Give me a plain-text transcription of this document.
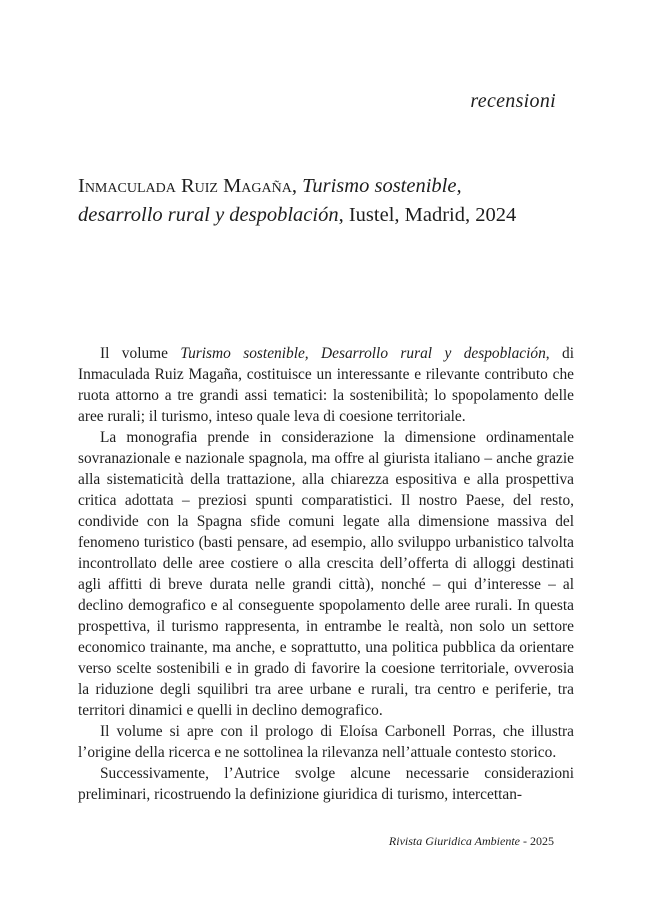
recensioni
Inmaculada Ruiz Magaña, Turismo sostenible,
desarrollo rural y despoblación, Iustel, Madrid, 2024

Il volume Turismo sostenible, Desarrollo rural y despoblación, di Inmaculada Ruiz Magaña, costituisce un interessante e rilevante contributo che ruota attorno a tre grandi assi tematici: la sostenibilità; lo spopolamento delle aree rurali; il turismo, inteso quale leva di coesione territoriale.

La monografia prende in considerazione la dimensione ordinamentale sovranazionale e nazionale spagnola, ma offre al giurista italiano – anche grazie alla sistematicità della trattazione, alla chiarezza espositiva e alla prospettiva critica adottata – preziosi spunti comparatistici. Il nostro Paese, del resto, condivide con la Spagna sfide comuni legate alla dimensione massiva del fenomeno turistico (basti pensare, ad esempio, allo sviluppo urbanistico talvolta incontrollato delle aree costiere o alla crescita dell’offerta di alloggi destinati agli affitti di breve durata nelle grandi città), nonché – qui d’interesse – al declino demografico e al conseguente spopolamento delle aree rurali. In questa prospettiva, il turismo rappresenta, in entrambe le realtà, non solo un settore economico trainante, ma anche, e soprattutto, una politica pubblica da orientare verso scelte sostenibili e in grado di favorire la coesione territoriale, ovverosia la riduzione degli squilibri tra aree urbane e rurali, tra centro e periferie, tra territori dinamici e quelli in declino demografico.

Il volume si apre con il prologo di Eloísa Carbonell Porras, che illustra l’origine della ricerca e ne sottolinea la rilevanza nell’attuale contesto storico.

Successivamente, l’Autrice svolge alcune necessarie considerazioni preliminari, ricostruendo la definizione giuridica di turismo, intercettan-

Rivista Giuridica Ambiente - 2025
